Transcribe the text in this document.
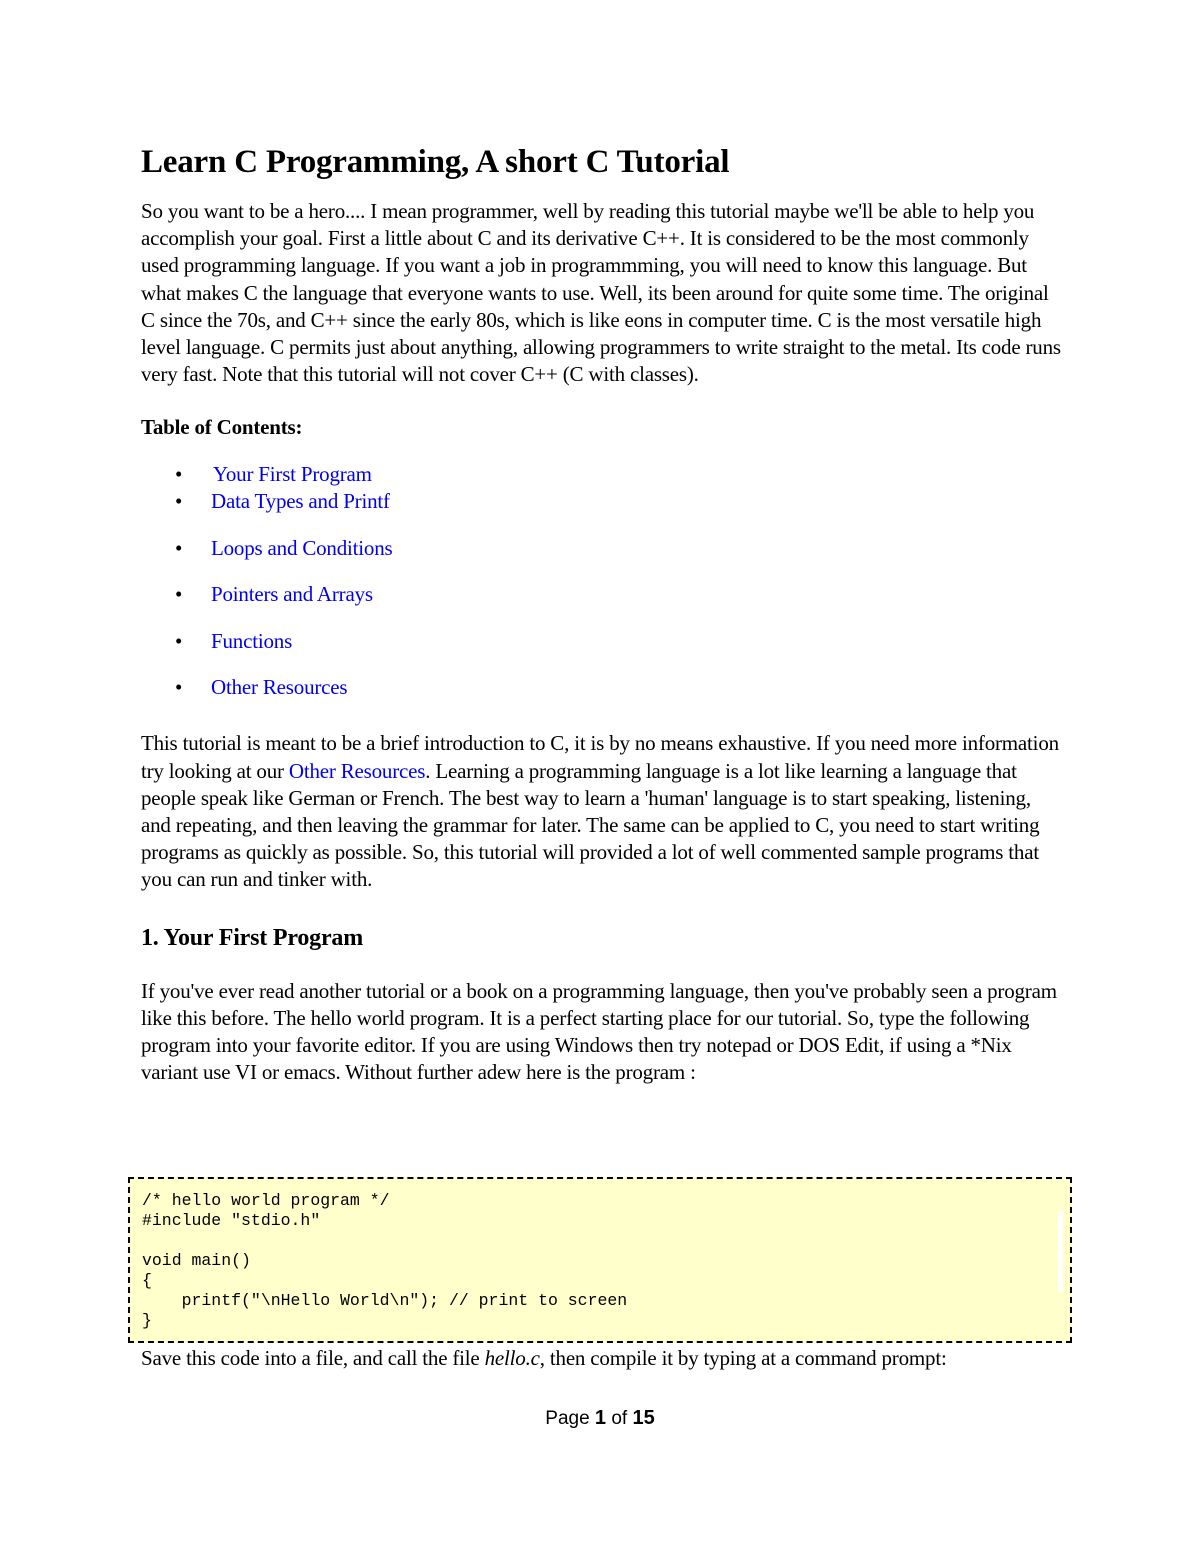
Learn C Programming, A short C Tutorial

So you want to be a hero.... I mean programmer, well by reading this tutorial maybe we'll be able to help you accomplish your goal. First a little about C and its derivative C++. It is considered to be the most commonly used programming language. If you want a job in programmming, you will need to know this language. But what makes C the language that everyone wants to use. Well, its been around for quite some time. The original C since the 70s, and C++ since the early 80s, which is like eons in computer time. C is the most versatile high level language. C permits just about anything, allowing programmers to write straight to the metal. Its code runs very fast. Note that this tutorial will not cover C++ (C with classes).

Table of Contents:
• Your First Program
• Data Types and Printf
• Loops and Conditions
• Pointers and Arrays
• Functions
• Other Resources

This tutorial is meant to be a brief introduction to C, it is by no means exhaustive. If you need more information try looking at our Other Resources. Learning a programming language is a lot like learning a language that people speak like German or French. The best way to learn a 'human' language is to start speaking, listening, and repeating, and then leaving the grammar for later. The same can be applied to C, you need to start writing programs as quickly as possible. So, this tutorial will provided a lot of well commented sample programs that you can run and tinker with.

1. Your First Program

If you've ever read another tutorial or a book on a programming language, then you've probably seen a program like this before. The hello world program. It is a perfect starting place for our tutorial. So, type the following program into your favorite editor. If you are using Windows then try notepad or DOS Edit, if using a *Nix variant use VI or emacs. Without further adew here is the program :

/* hello world program */
#include "stdio.h"

void main()
{
printf("\nHello World\n"); // print to screen
}

Save this code into a file, and call the file hello.c, then compile it by typing at a command prompt:

Page 1 of 15
